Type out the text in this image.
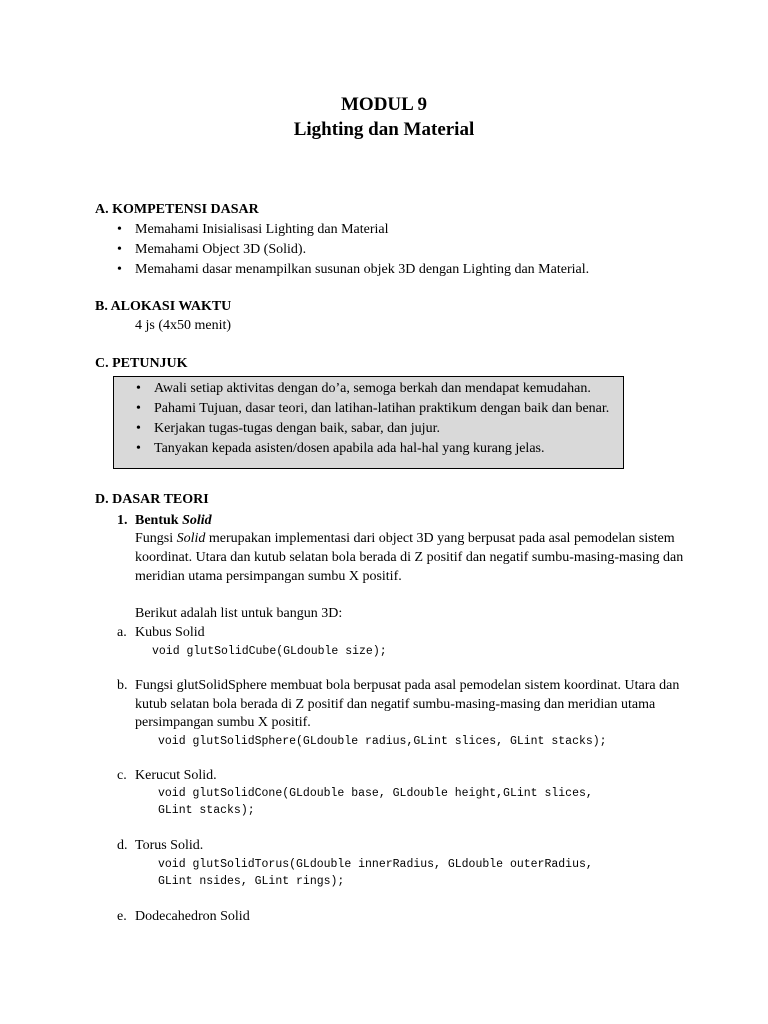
MODUL 9
Lighting dan Material
A. KOMPETENSI DASAR
• Memahami Inisialisasi Lighting dan Material
• Memahami Object 3D (Solid).
• Memahami dasar menampilkan susunan objek 3D dengan Lighting dan Material.
B. ALOKASI WAKTU
4 js (4x50 menit)
C. PETUNJUK
• Awali setiap aktivitas dengan do’a, semoga berkah dan mendapat kemudahan.
• Pahami Tujuan, dasar teori, dan latihan-latihan praktikum dengan baik dan benar.
• Kerjakan tugas-tugas dengan baik, sabar, dan jujur.
• Tanyakan kepada asisten/dosen apabila ada hal-hal yang kurang jelas.
D. DASAR TEORI
1. Bentuk Solid
Fungsi Solid merupakan implementasi dari object 3D yang berpusat pada asal pemodelan sistem
koordinat. Utara dan kutub selatan bola berada di Z positif dan negatif sumbu-masing-masing dan
meridian utama persimpangan sumbu X positif.
Berikut adalah list untuk bangun 3D:
a. Kubus Solid
void glutSolidCube(GLdouble size);
b. Fungsi glutSolidSphere membuat bola berpusat pada asal pemodelan sistem koordinat. Utara dan
kutub selatan bola berada di Z positif dan negatif sumbu-masing-masing dan meridian utama
persimpangan sumbu X positif.
void glutSolidSphere(GLdouble radius,GLint slices, GLint stacks);
c. Kerucut Solid.
void glutSolidCone(GLdouble base, GLdouble height,GLint slices,
GLint stacks);
d. Torus Solid.
void glutSolidTorus(GLdouble innerRadius, GLdouble outerRadius,
GLint nsides, GLint rings);
e. Dodecahedron Solid
